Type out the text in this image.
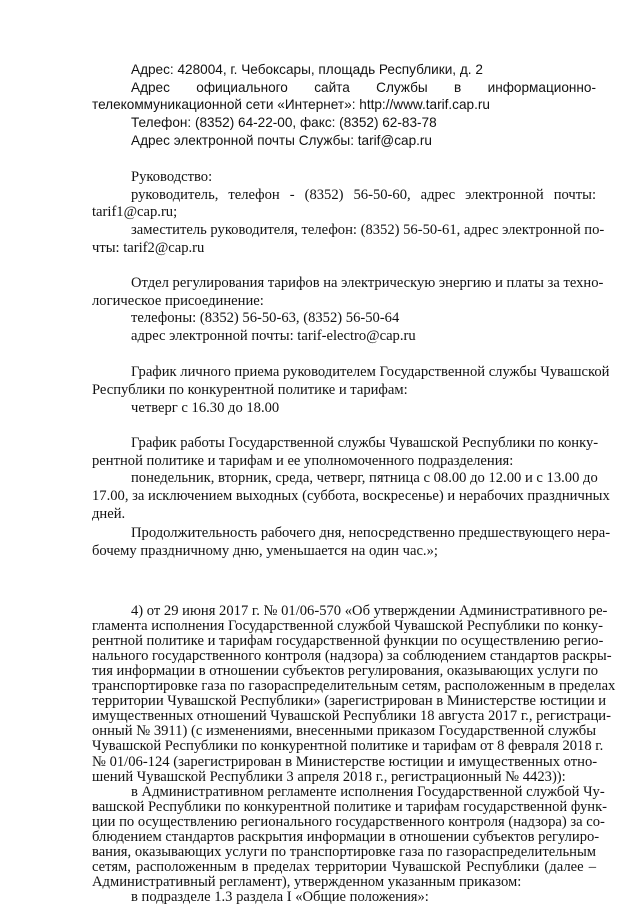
Адрес: 428004, г. Чебоксары, площадь Республики, д. 2
Адрес официального сайта Службы в информационно-
телекоммуникационной сети «Интернет»: http://www.tarif.cap.ru
Телефон: (8352) 64-22-00, факс: (8352) 62-83-78
Адрес электронной почты Службы: tarif@cap.ru
Руководство:
руководитель, телефон - (8352) 56-50-60, адрес электронной почты:
tarif1@cap.ru;
заместитель руководителя, телефон: (8352) 56-50-61, адрес электронной по-
чты: tarif2@cap.ru
Отдел регулирования тарифов на электрическую энергию и платы за техно-
логическое присоединение:
телефоны: (8352) 56-50-63, (8352) 56-50-64
адрес электронной почты: tarif-electro@cap.ru
График личного приема руководителем Государственной службы Чувашской
Республики по конкурентной политике и тарифам:
четверг с 16.30 до 18.00
График работы Государственной службы Чувашской Республики по конку-
рентной политике и тарифам и ее уполномоченного подразделения:
понедельник, вторник, среда, четверг, пятница с 08.00 до 12.00 и с 13.00 до
17.00, за исключением выходных (суббота, воскресенье) и нерабочих праздничных
дней.
Продолжительность рабочего дня, непосредственно предшествующего нера-
бочему праздничному дню, уменьшается на один час.»;
4) от 29 июня 2017 г. № 01/06-570 «Об утверждении Административного ре-
гламента исполнения Государственной службой Чувашской Республики по конку-
рентной политике и тарифам государственной функции по осуществлению регио-
нального государственного контроля (надзора) за соблюдением стандартов раскры-
тия информации в отношении субъектов регулирования, оказывающих услуги по
транспортировке газа по газораспределительным сетям, расположенным в пределах
территории Чувашской Республики» (зарегистрирован в Министерстве юстиции и
имущественных отношений Чувашской Республики 18 августа 2017 г., регистраци-
онный № 3911) (с изменениями, внесенными приказом Государственной службы
Чувашской Республики по конкурентной политике и тарифам от 8 февраля 2018 г.
№ 01/06-124 (зарегистрирован в Министерстве юстиции и имущественных отно-
шений Чувашской Республики 3 апреля 2018 г., регистрационный № 4423)):
в Административном регламенте исполнения Государственной службой Чу-
вашской Республики по конкурентной политике и тарифам государственной функ-
ции по осуществлению регионального государственного контроля (надзора) за со-
блюдением стандартов раскрытия информации в отношении субъектов регулиро-
вания, оказывающих услуги по транспортировке газа по газораспределительным
сетям, расположенным в пределах территории Чувашской Республики (далее –
Административный регламент), утвержденном указанным приказом:
в подразделе 1.3 раздела I «Общие положения»:
